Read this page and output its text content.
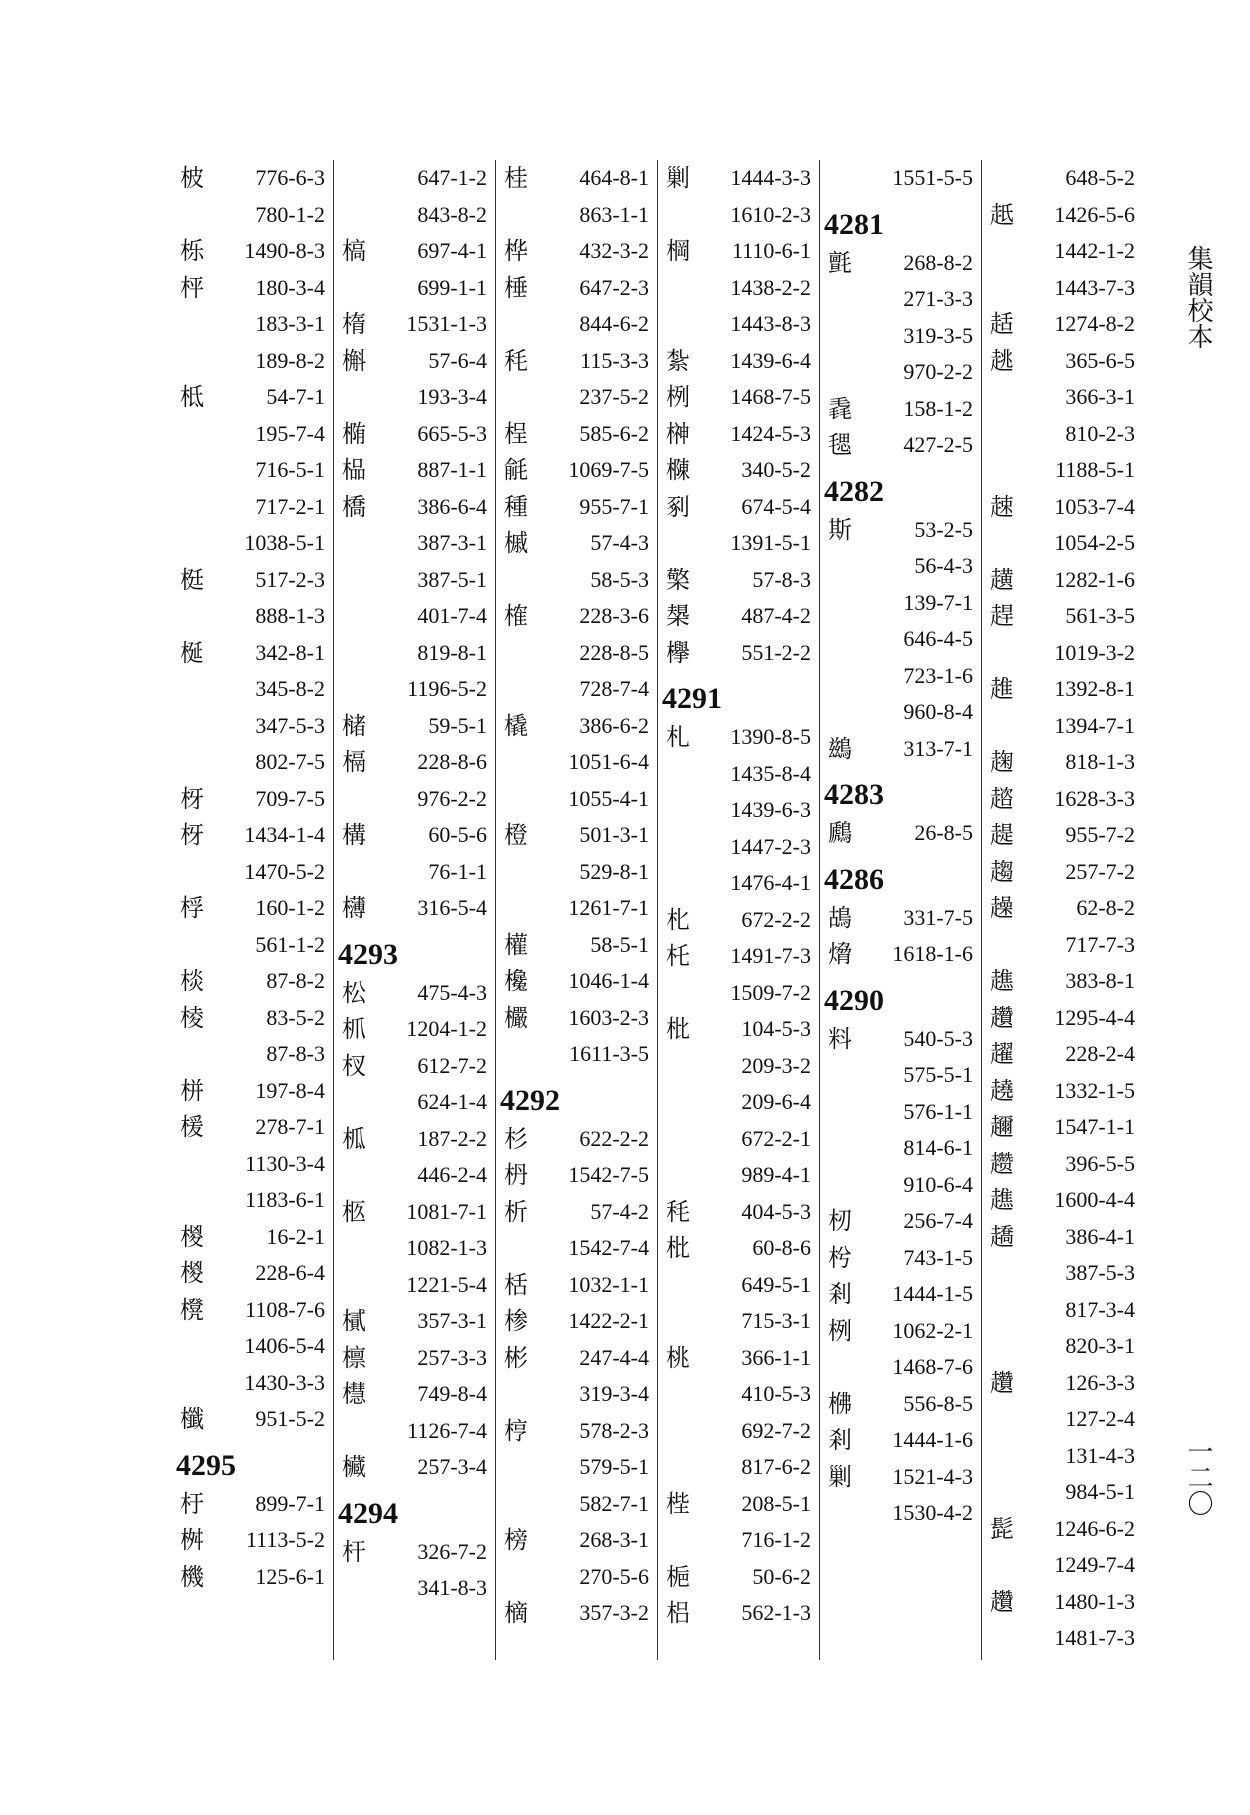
柀 776-6-3
780-1-2
栎 1490-8-3
枰 180-3-4
183-3-1
189-8-2
柢	54-7-1
195-7-4
716-5-1
717-2-1
1038-5-1
梃 517-2-3
888-1-3
梴 342-8-1
345-8-2
347-5-3
802-7-5
枒 709-7-5
枒 1434-1-4
1470-5-2
桴 160-1-2
561-1-2
棪	87-8-2
棱	83-5-2
87-8-3
栟 197-8-4
楥 278-7-1
1130-3-4
1183-6-1
椶	16-2-1
椶 228-6-4
櫈 1108-7-6
1406-5-4
1430-3-3
櫼 951-5-2
4295
杅 899-7-1
桝 1113-5-2
機 125-6-1
647-1-2
843-8-2
槁 697-4-1
699-1-1
楕 1531-1-3
槲	57-6-4
193-3-4
椭 665-5-3
榀 887-1-1
橋 386-6-4
387-3-1
387-5-1
401-7-4
819-8-1
1196-5-2
槠	59-5-1
槅 228-8-6
976-2-2
構	60-5-6
76-1-1
欂 316-5-4
4293
松 475-4-3
枛 1204-1-2
杈 612-7-2
624-1-4
柧 187-2-2
446-2-4
柩 1081-7-1
1082-1-3
1221-5-4
樲 357-3-1
檩 257-3-3
櫘 749-8-4
1126-7-4
欌 257-3-4
4294
杆 326-7-2
341-8-3
桂 464-8-1
863-1-1
桦 432-3-2
棰 647-2-3
844-6-2
秏 115-3-3
237-5-2
桯 585-6-2
毹 1069-7-5
種 955-7-1
槭	57-4-3
58-5-3
榷 228-3-6
228-8-5
728-7-4
橇 386-6-2
1051-6-4
1055-4-1
橙 501-3-1
529-8-1
1261-7-1
權	58-5-1
欃 1046-1-4
欕 1603-2-3
1611-3-5
4292
杉 622-2-2
枬 1542-7-5
析	57-4-2
1542-7-4
栝 1032-1-1
椮 1422-2-1
彬 247-4-4
319-3-4
梈 578-2-3
579-5-1
582-7-1
榜 268-3-1
270-5-6
樀 357-3-2
剿 1444-3-3
1610-2-3
棡 1110-6-1
1438-2-2
1443-8-3
紮 1439-6-4
栵 1468-7-5
榊 1424-5-3
樄 340-5-2
剢 674-5-4
1391-5-1
檠	57-8-3
槼 487-4-2
欅 551-2-2
4291
札 1390-8-5
1435-8-4
1439-6-3
1447-2-3
1476-4-1
朼 672-2-2
杔 1491-7-3
1509-7-2
枇 104-5-3
209-3-2
209-6-4
672-2-1
989-4-1
秏 404-5-3
枇	60-8-6
649-5-1
715-3-1
桃 366-1-1
410-5-3
692-7-2
817-6-2
梐 208-5-1
716-1-2
梔	50-6-2
梠 562-1-3
1551-5-5
4281
氈 268-8-2
271-3-3
319-3-5
970-2-2
毳 158-1-2
毸 427-2-5
4282
斯	53-2-5
56-4-3
139-7-1
646-4-5
723-1-6
960-8-4
鷀 313-7-1
4283
鷉	26-8-5
4286
鴣 331-7-5
熁 1618-1-6
4290
料 540-5-3
575-5-1
576-1-1
814-6-1
910-6-4
杒 256-7-4
枍 743-1-5
剎 1444-1-5
栵 1062-2-1
1468-7-6
梻 556-8-5
剎 1444-1-6
剿 1521-4-3
1530-4-2
648-5-2
赿 1426-5-6
1442-1-2
1443-7-3
趏 1274-8-2
趒 365-6-5
366-3-1
810-2-3
1188-5-1
趚 1053-7-4
1054-2-5
趪 1282-1-6
趕 561-3-5
1019-3-2
趡 1392-8-1
1394-7-1
趜 818-1-3
趦 1628-3-3
趧 955-7-2
趨 257-7-2
趮	62-8-2
717-7-3
趭 383-8-1
趲 1295-4-4
趯 228-2-4
趬 1332-1-5
趰 1547-1-1
趱 396-5-5
趭 1600-4-4
趫 386-4-1
387-5-3
817-3-4
820-3-1
趲 126-3-3
127-2-4
131-4-3
984-5-1
髭 1246-6-2
1249-7-4
趲 1480-1-3
1481-7-3
集韻校本
一二〇
